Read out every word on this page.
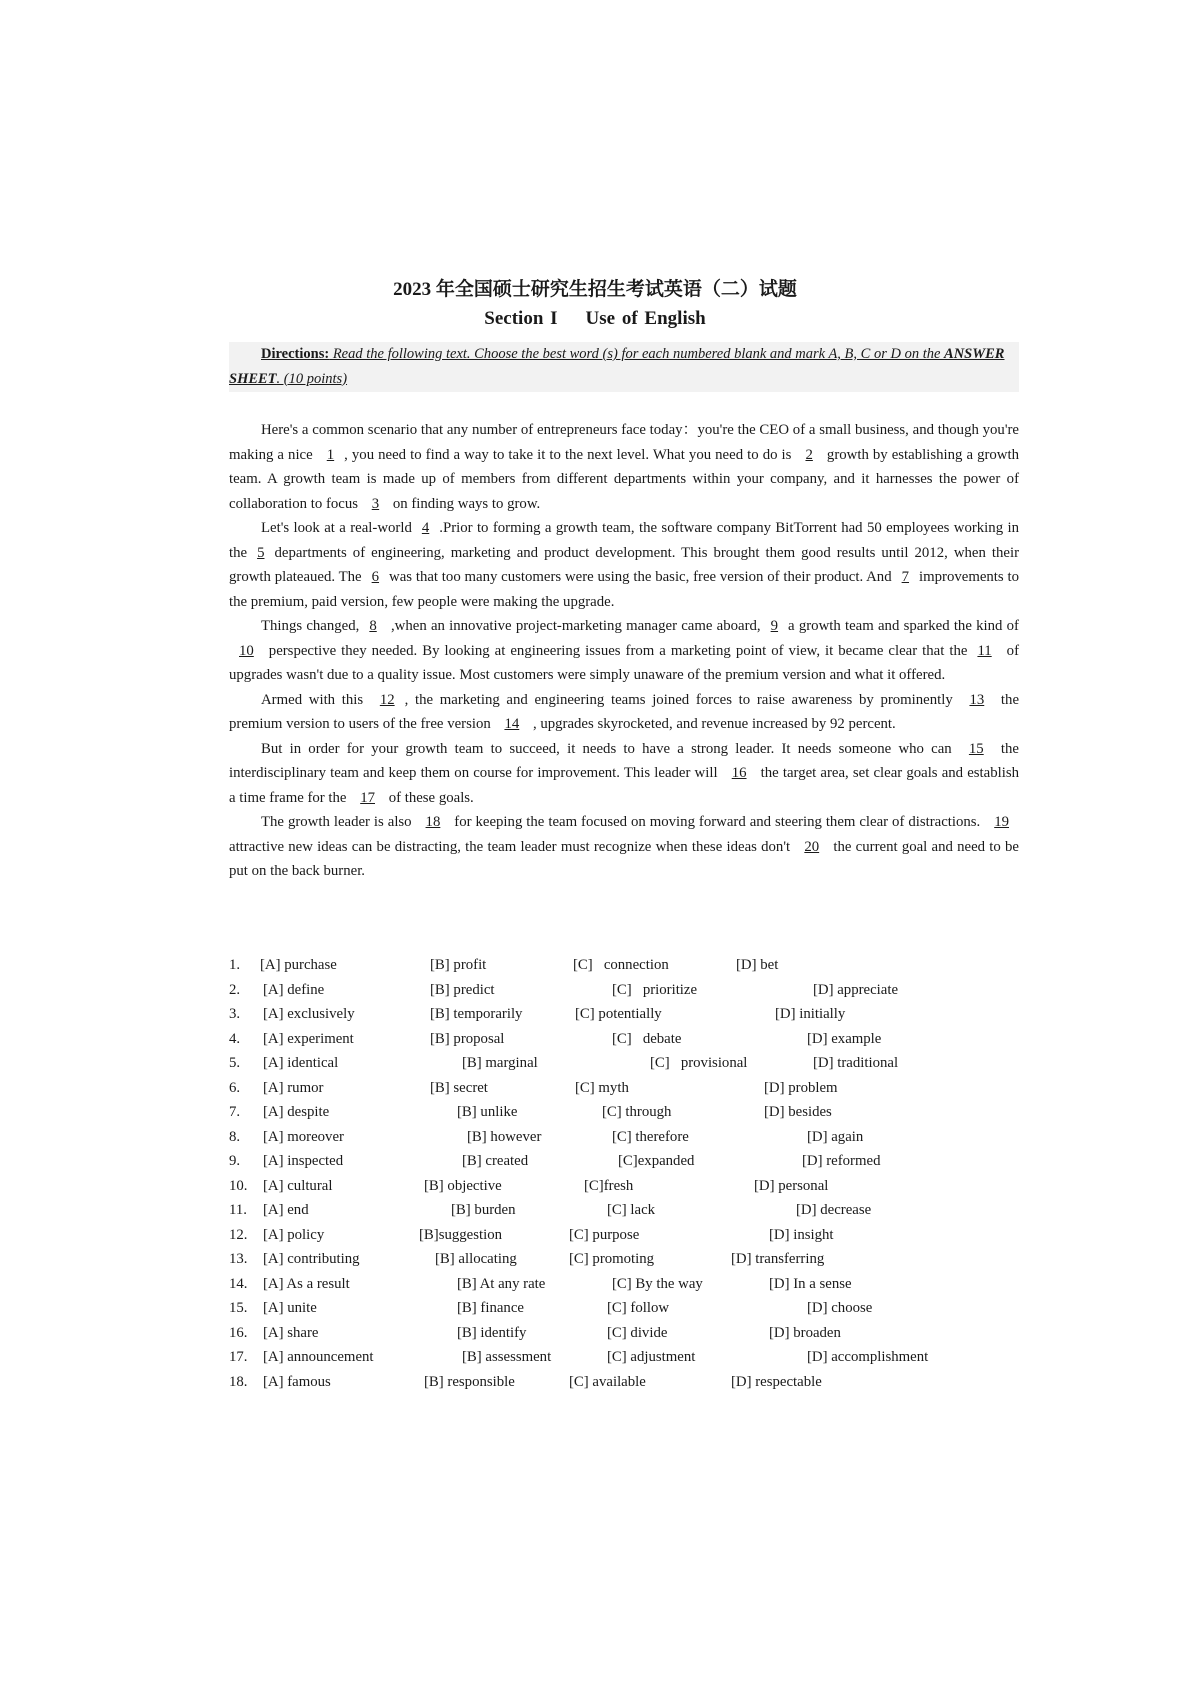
2023 年全国硕士研究生招生考试英语（二）试题
Section I Use of English
Directions: Read the following text. Choose the best word (s) for each numbered blank and mark A, B, C or D on the ANSWER SHEET. (10 points)

Here's a common scenario that any number of entrepreneurs face today：you're the CEO of a small business, and though you're making a nice 1 , you need to find a way to take it to the next level. What you need to do is 2 growth by establishing a growth team. A growth team is made up of members from different departments within your company, and it harnesses the power of collaboration to focus 3 on finding ways to grow.

Let's look at a real-world 4 .Prior to forming a growth team, the software company BitTorrent had 50 employees working in the 5 departments of engineering, marketing and product development. This brought them good results until 2012, when their growth plateaued. The 6 was that too many customers were using the basic, free version of their product. And 7 improvements to the premium, paid version, few people were making the upgrade.

Things changed, 8 ,when an innovative project-marketing manager came aboard, 9 a growth team and sparked the kind of10 perspective they needed. By looking at engineering issues from a marketing point of view, it became clear that the 11 of upgrades wasn't due to a quality issue. Most customers were simply unaware of the premium version and what it offered.

Armed with this 12 , the marketing and engineering teams joined forces to raise awareness by prominently 13 the premium version to users of the free version 14 , upgrades skyrocketed, and revenue increased by 92 percent.

But in order for your growth team to succeed, it needs to have a strong leader. It needs someone who can 15 the interdisciplinary team and keep them on course for improvement. This leader will 16 the target area, set clear goals and establish a time frame for the 17 of these goals.

The growth leader is also 18 for keeping the team focused on moving forward and steering them clear of distractions. 19 attractive new ideas can be distracting, the team leader must recognize when these ideas don't 20 the current goal and need to be put on the back burner.

1. [A] purchase	[B] profit	[C]   connection	[D] bet
2. [A] define	[B] predict	[C]   prioritize	[D] appreciate
3. [A] exclusively	[B] temporarily	[C] potentially	[D] initially
4. [A] experiment	[B] proposal	[C]   debate	[D] example
5. [A] identical	[B] marginal	[C]   provisional	[D] traditional
6. [A] rumor	[B] secret	[C] myth	[D] problem
7. [A] despite	[B] unlike	[C] through	[D] besides
8. [A] moreover	[B] however	[C] therefore	[D] again
9. [A] inspected	[B] created	[C]expanded	[D] reformed
10. [A] cultural	[B] objective	[C]fresh	[D] personal
11. [A] end	[B] burden	[C] lack	[D] decrease
12. [A] policy	[B]suggestion	[C] purpose	[D] insight
13. [A] contributing	[B] allocating	[C] promoting	[D] transferring
14. [A] As a result	[B] At any rate	[C] By the way	[D] In a sense
15. [A] unite	[B] finance	[C] follow	[D] choose
16. [A] share	[B] identify	[C] divide	[D] broaden
17. [A] announcement	[B] assessment	[C] adjustment	[D] accomplishment
18. [A] famous	[B] responsible	[C] available	[D] respectable
